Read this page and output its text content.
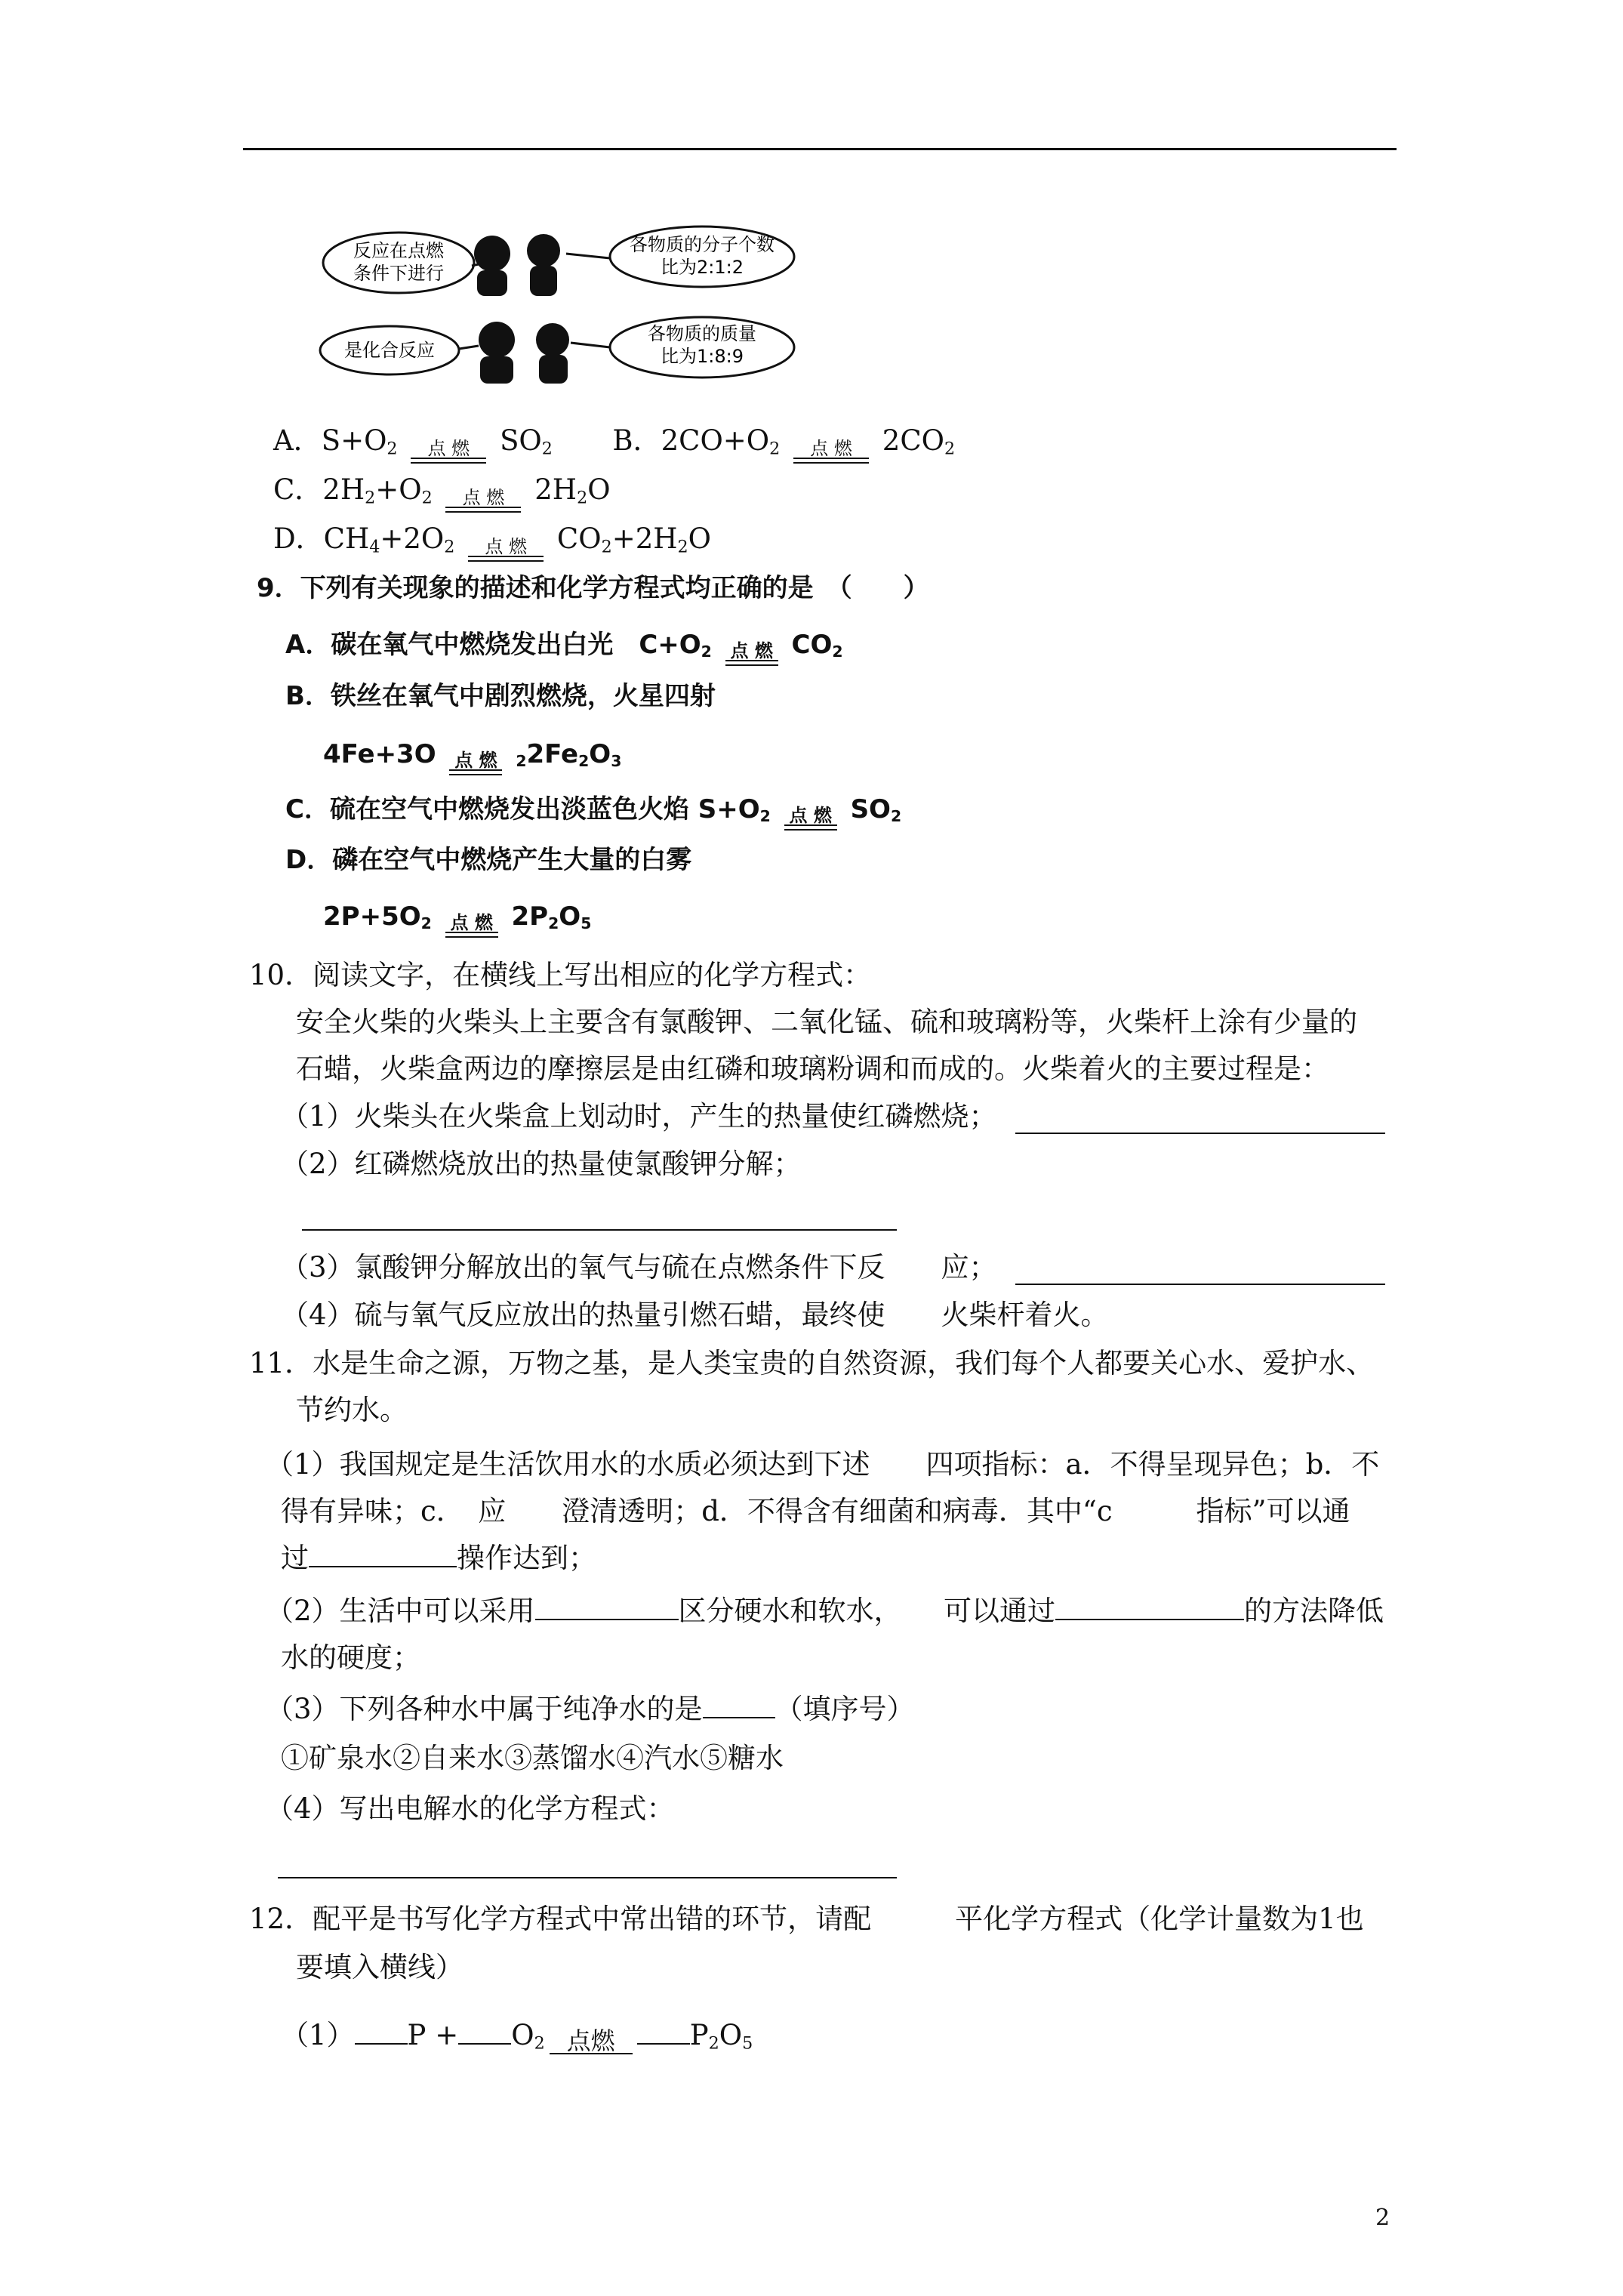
反应在点燃
条件下进行
各物质的分子个数
比为2:1:2
是化合反应
各物质的质量
比为1:8:9
A．$S+O_2$ 点 燃 $SO_2$ B．$2CO+O_2$ 点 燃 $2CO_2$
C．$2H_2+O_2$ 点 燃 $2H_2O$
D．$CH_4+2O_2$ 点 燃 $CO_2+2H_2O$
9．下列有关现象的描述和化学方程式均正确的是　（　　）
A．碳在氧气中燃烧发出白光　$C+O_2$ 点 燃 $CO_2$
B．铁丝在氧气中剧烈燃烧，火星四射
4Fe+3O 点 燃 $_22Fe_2O_3$
C．硫在空气中燃烧发出淡蓝色火焰 $S+O_2$ 点 燃 $SO_2$
D．磷在空气中燃烧产生大量的白雾
$2P+5O_2$ 点 燃 $2P_2O_5$
10．阅读文字，在横线上写出相应的化学方程式：
安全火柴的火柴头上主要含有氯酸钾、二氧化锰、硫和玻璃粉等，火柴杆上涂有少量的
石蜡，火柴盒两边的摩擦层是由红磷和玻璃粉调和而成的。火柴着火的主要过程是：
（1）火柴头在火柴盒上划动时，产生的热量使红磷燃烧；
（2）红磷燃烧放出的热量使氯酸钾分解；
（3）氯酸钾分解放出的氧气与硫在点燃条件下反　　应；
（4）硫与氧气反应放出的热量引燃石蜡，最终使　　火柴杆着火。
11．水是生命之源，万物之基，是人类宝贵的自然资源，我们每个人都要关心水、爱护水、
节约水。
（1）我国规定是生活饮用水的水质必须达到下述　　四项指标：a．不得呈现异色；b．不
得有异味；c．　应　　澄清透明；d．不得含有细菌和病毒．其中“c　　　指标”可以通
过	操作达到；
（2）生活中可以采用	区分硬水和软水，　　可以通过	的方法降低
水的硬度；
（3）下列各种水中属于纯净水的是	（填序号）
①矿泉水②自来水③蒸馏水④汽水⑤糖水
（4）写出电解水的化学方程式：
12．配平是书写化学方程式中常出错的环节，请配　　　平化学方程式（化学计量数为1也
要填入横线）
（1） $P + O_2$ 点燃	$P_2O_5$
2
